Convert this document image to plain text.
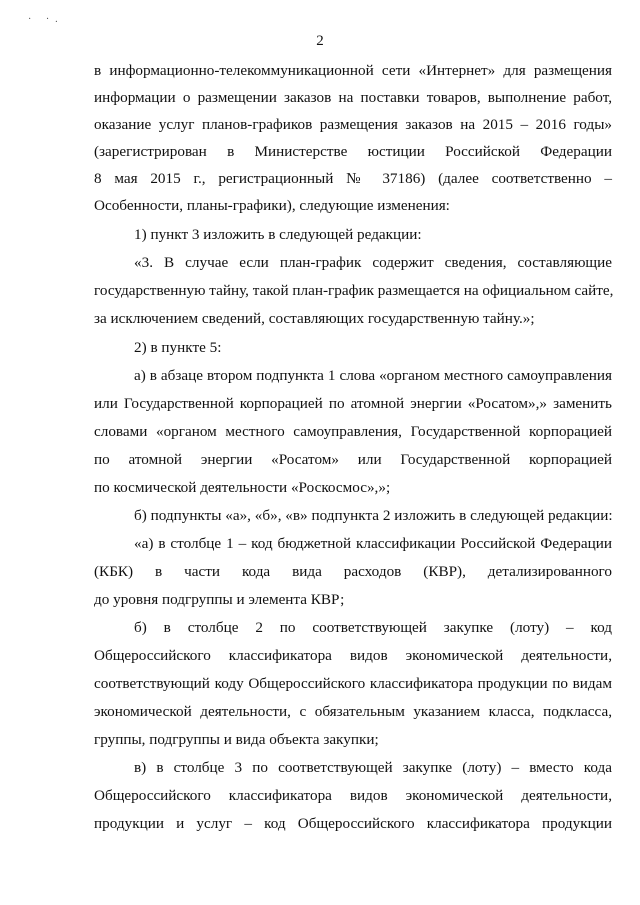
· ·.
2
в информационно-телекоммуникационной сети «Интернет» для размещения
информации о размещении заказов на поставки товаров, выполнение работ,
оказание услуг планов-графиков размещения заказов на 2015 – 2016 годы»
(зарегистрирован в Министерстве юстиции Российской Федерации
8 мая 2015 г., регистрационный № 37186) (далее соответственно –
Особенности, планы-графики), следующие изменения:
1) пункт 3 изложить в следующей редакции:
«3. В случае если план-график содержит сведения, составляющие
государственную тайну, такой план-график размещается на официальном сайте,
за исключением сведений, составляющих государственную тайну.»;
2) в пункте 5:
а) в абзаце втором подпункта 1 слова «органом местного самоуправления
или Государственной корпорацией по атомной энергии «Росатом»,» заменить
словами «органом местного самоуправления, Государственной корпорацией
по атомной энергии «Росатом» или Государственной корпорацией
по космической деятельности «Роскосмос»,»;
б) подпункты «а», «б», «в» подпункта 2 изложить в следующей редакции:
«а) в столбце 1 – код бюджетной классификации Российской Федерации
(КБК) в части кода вида расходов (КВР), детализированного
до уровня подгруппы и элемента КВР;
б) в столбце 2 по соответствующей закупке (лоту) – код
Общероссийского классификатора видов экономической деятельности,
соответствующий коду Общероссийского классификатора продукции по видам
экономической деятельности, с обязательным указанием класса, подкласса,
группы, подгруппы и вида объекта закупки;
в) в столбце 3 по соответствующей закупке (лоту) – вместо кода
Общероссийского классификатора видов экономической деятельности,
продукции и услуг – код Общероссийского классификатора продукции
